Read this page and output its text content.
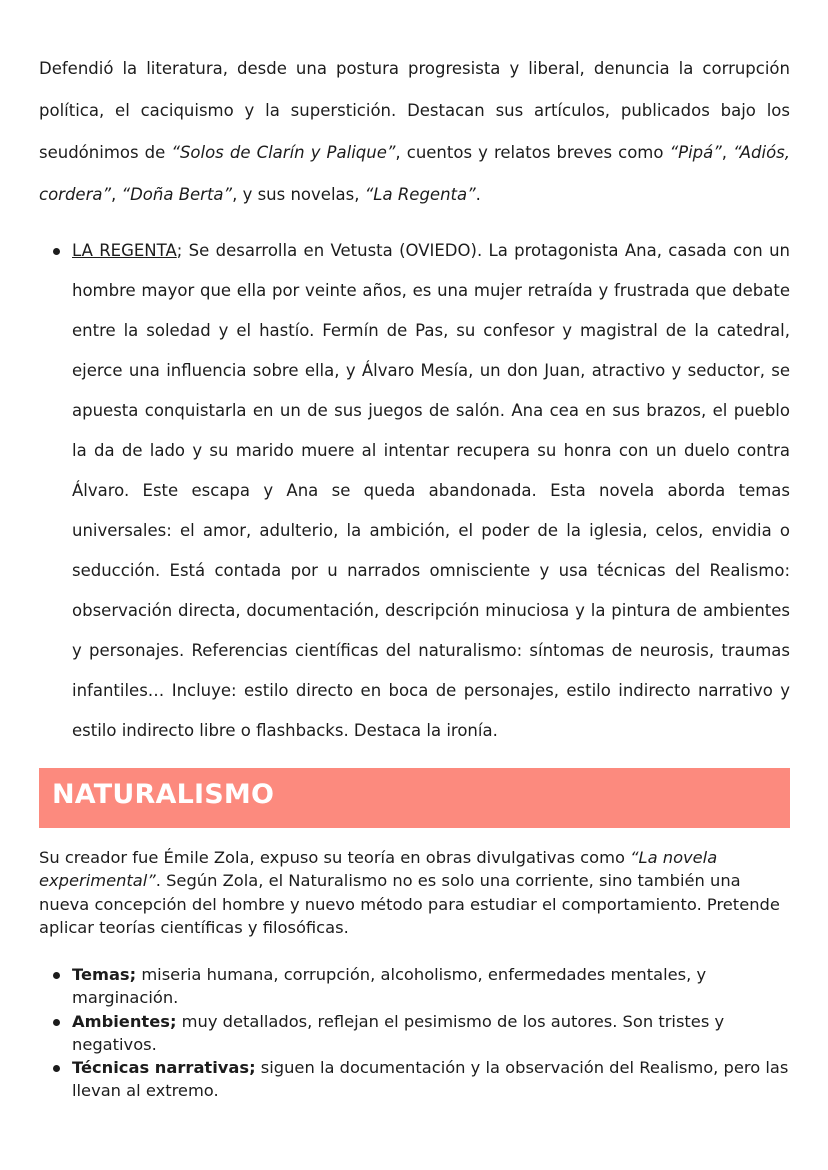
Defendió la literatura, desde una postura progresista y liberal, denuncia la corrupción política, el caciquismo y la superstición. Destacan sus artículos, publicados bajo los seudónimos de “Solos de Clarín y Palique”, cuentos y relatos breves como “Pipá”, “Adiós, cordera”, “Doña Berta”, y sus novelas, “La Regenta”.

LA REGENTA; Se desarrolla en Vetusta (OVIEDO). La protagonista Ana, casada con un hombre mayor que ella por veinte años, es una mujer retraída y frustrada que debate entre la soledad y el hastío. Fermín de Pas, su confesor y magistral de la catedral, ejerce una influencia sobre ella, y Álvaro Mesía, un don Juan, atractivo y seductor, se apuesta conquistarla en un de sus juegos de salón. Ana cea en sus brazos, el pueblo la da de lado y su marido muere al intentar recupera su honra con un duelo contra Álvaro. Este escapa y Ana se queda abandonada. Esta novela aborda temas universales: el amor, adulterio, la ambición, el poder de la iglesia, celos, envidia o seducción. Está contada por u narrados omnisciente y usa técnicas del Realismo: observación directa, documentación, descripción minuciosa y la pintura de ambientes y personajes. Referencias científicas del naturalismo: síntomas de neurosis, traumas infantiles… Incluye: estilo directo en boca de personajes, estilo indirecto narrativo y estilo indirecto libre o flashbacks. Destaca la ironía.
NATURALISMO

Su creador fue Émile Zola, expuso su teoría en obras divulgativas como “La novela experimental”. Según Zola, el Naturalismo no es solo una corriente, sino también una nueva concepción del hombre y nuevo método para estudiar el comportamiento. Pretende aplicar teorías científicas y filosóficas.

Temas; miseria humana, corrupción, alcoholismo, enfermedades mentales, y marginación.
Ambientes; muy detallados, reflejan el pesimismo de los autores. Son tristes y negativos.
Técnicas narrativas; siguen la documentación y la observación del Realismo, pero las llevan al extremo.
